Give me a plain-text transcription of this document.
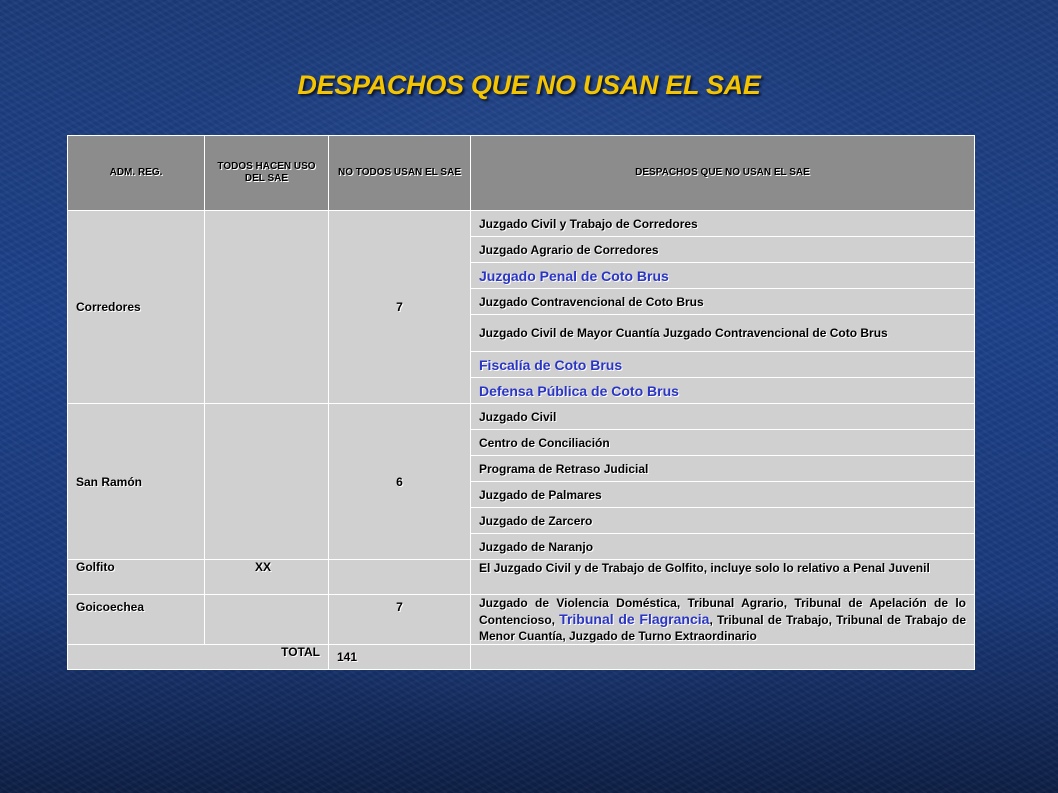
DESPACHOS QUE NO USAN EL SAE
ADM. REG.	TODOS HACEN USO DEL SAE	NO TODOS USAN EL SAE	DESPACHOS QUE NO USAN EL SAE
Corredores		7	Juzgado Civil y Trabajo de Corredores
			Juzgado Agrario de Corredores
			Juzgado Penal de Coto Brus
			Juzgado Contravencional de Coto Brus
			Juzgado Civil de Mayor Cuantía Juzgado Contravencional de Coto Brus
			Fiscalía de Coto Brus
			Defensa Pública de Coto Brus
San Ramón		6	Juzgado Civil
			Centro de Conciliación
			Programa de Retraso Judicial
			Juzgado de Palmares
			Juzgado de Zarcero
			Juzgado de Naranjo
Golfito	XX		El Juzgado Civil y de Trabajo de Golfito, incluye solo lo relativo a Penal Juvenil
Goicoechea		7	Juzgado de Violencia Doméstica, Tribunal Agrario, Tribunal de Apelación de lo Contencioso, Tribunal de Flagrancia, Tribunal de Trabajo, Tribunal de Trabajo de Menor Cuantía, Juzgado de Turno Extraordinario
TOTAL		141	
